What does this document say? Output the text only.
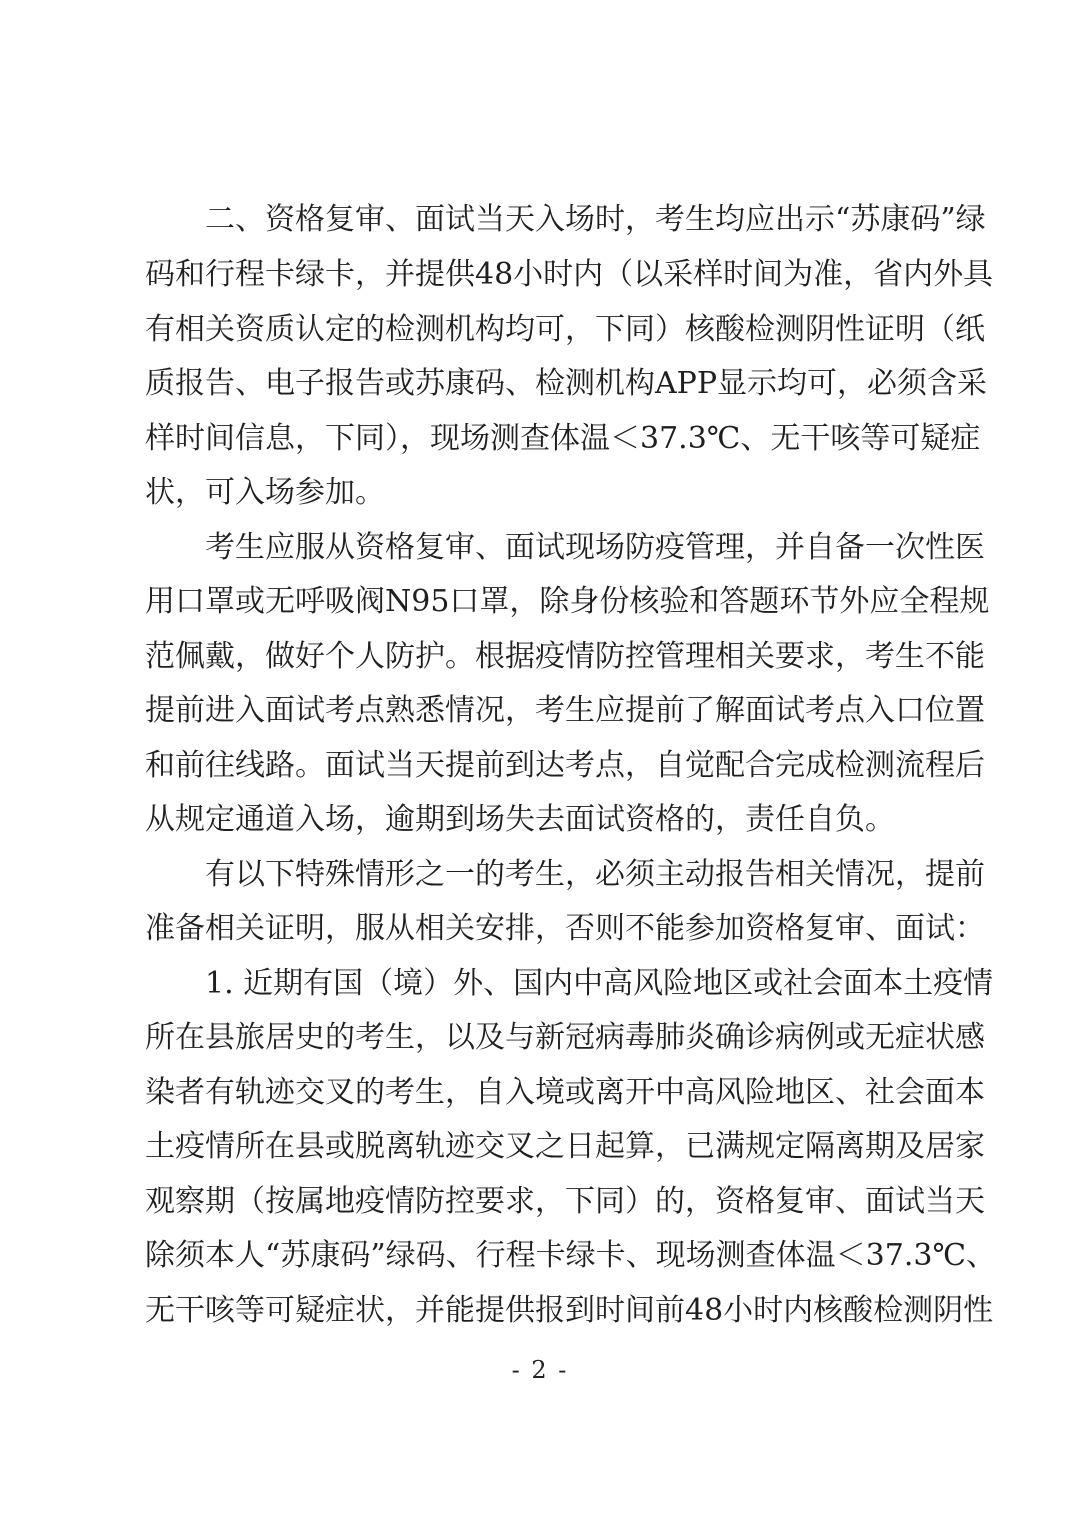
二、资格复审、面试当天入场时，考生均应出示“苏康码”绿
码和行程卡绿卡，并提供48小时内（以采样时间为准，省内外具
有相关资质认定的检测机构均可，下同）核酸检测阴性证明（纸
质报告、电子报告或苏康码、检测机构APP显示均可，必须含采
样时间信息，下同），现场测查体温＜37.3℃、无干咳等可疑症
状，可入场参加。
考生应服从资格复审、面试现场防疫管理，并自备一次性医
用口罩或无呼吸阀N95口罩，除身份核验和答题环节外应全程规
范佩戴，做好个人防护。根据疫情防控管理相关要求，考生不能
提前进入面试考点熟悉情况，考生应提前了解面试考点入口位置
和前往线路。面试当天提前到达考点，自觉配合完成检测流程后
从规定通道入场，逾期到场失去面试资格的，责任自负。
有以下特殊情形之一的考生，必须主动报告相关情况，提前
准备相关证明，服从相关安排，否则不能参加资格复审、面试：
1. 近期有国（境）外、国内中高风险地区或社会面本土疫情
所在县旅居史的考生，以及与新冠病毒肺炎确诊病例或无症状感
染者有轨迹交叉的考生，自入境或离开中高风险地区、社会面本
土疫情所在县或脱离轨迹交叉之日起算，已满规定隔离期及居家
观察期（按属地疫情防控要求，下同）的，资格复审、面试当天
除须本人“苏康码”绿码、行程卡绿卡、现场测查体温＜37.3℃、
无干咳等可疑症状，并能提供报到时间前48小时内核酸检测阴性
- 2 -
